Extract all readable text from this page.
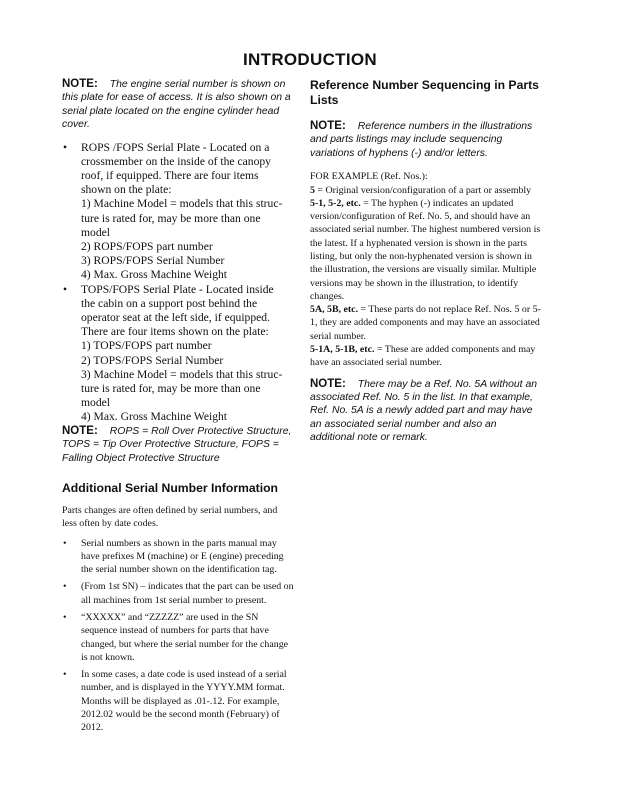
INTRODUCTION

NOTE: The engine serial number is shown on this plate for ease of access. It is also shown on a serial plate located on the engine cylinder head cover.

• ROPS /FOPS Serial Plate - Located on a
crossmember on the inside of the canopy
roof, if equipped. There are four items
shown on the plate:
1) Machine Model = models that this struc-
ture is rated for, may be more than one
model
2) ROPS/FOPS part number
3) ROPS/FOPS Serial Number
4) Max. Gross Machine Weight
• TOPS/FOPS Serial Plate - Located inside
the cabin on a support post behind the
operator seat at the left side, if equipped.
There are four items shown on the plate:
1) TOPS/FOPS part number
2) TOPS/FOPS Serial Number
3) Machine Model = models that this struc-
ture is rated for, may be more than one
model
4) Max. Gross Machine Weight

NOTE: ROPS = Roll Over Protective Structure, TOPS = Tip Over Protective Structure, FOPS = Falling Object Protective Structure

Additional Serial Number Information

Parts changes are often defined by serial numbers, and less often by date codes.

• Serial numbers as shown in the parts manual may have prefixes M (machine) or E (engine) preceding the serial number shown on the identification tag.
• (From 1st SN) – indicates that the part can be used on all machines from 1st serial number to present.
• “XXXXX” and “ZZZZZ” are used in the SN sequence instead of numbers for parts that have changed, but where the serial number for the change is not known.
• In some cases, a date code is used instead of a serial number, and is displayed in the YYYY.MM format. Months will be displayed as .01-.12. For example, 2012.02 would be the second month (February) of 2012.

Reference Number Sequencing in Parts Lists

NOTE: Reference numbers in the illustrations and parts listings may include sequencing variations of hyphens (-) and/or letters.

FOR EXAMPLE (Ref. Nos.):

5 = Original version/configuration of a part or assembly

5-1, 5-2, etc. = The hyphen (-) indicates an updated version/configuration of Ref. No. 5, and should have an associated serial number. The highest numbered version is the latest. If a hyphenated version is shown in the parts listing, but only the non-hyphenated version is shown in the illustration, the versions are visually similar. Multiple versions may be shown in the illustration, to identify changes.

5A, 5B, etc. = These parts do not replace Ref. Nos. 5 or 5-1, they are added components and may have an associated serial number.

5-1A, 5-1B, etc. = These are added components and may have an associated serial number.

NOTE: There may be a Ref. No. 5A without an associated Ref. No. 5 in the list. In that example, Ref. No. 5A is a newly added part and may have an associated serial number and also an additional note or remark.
